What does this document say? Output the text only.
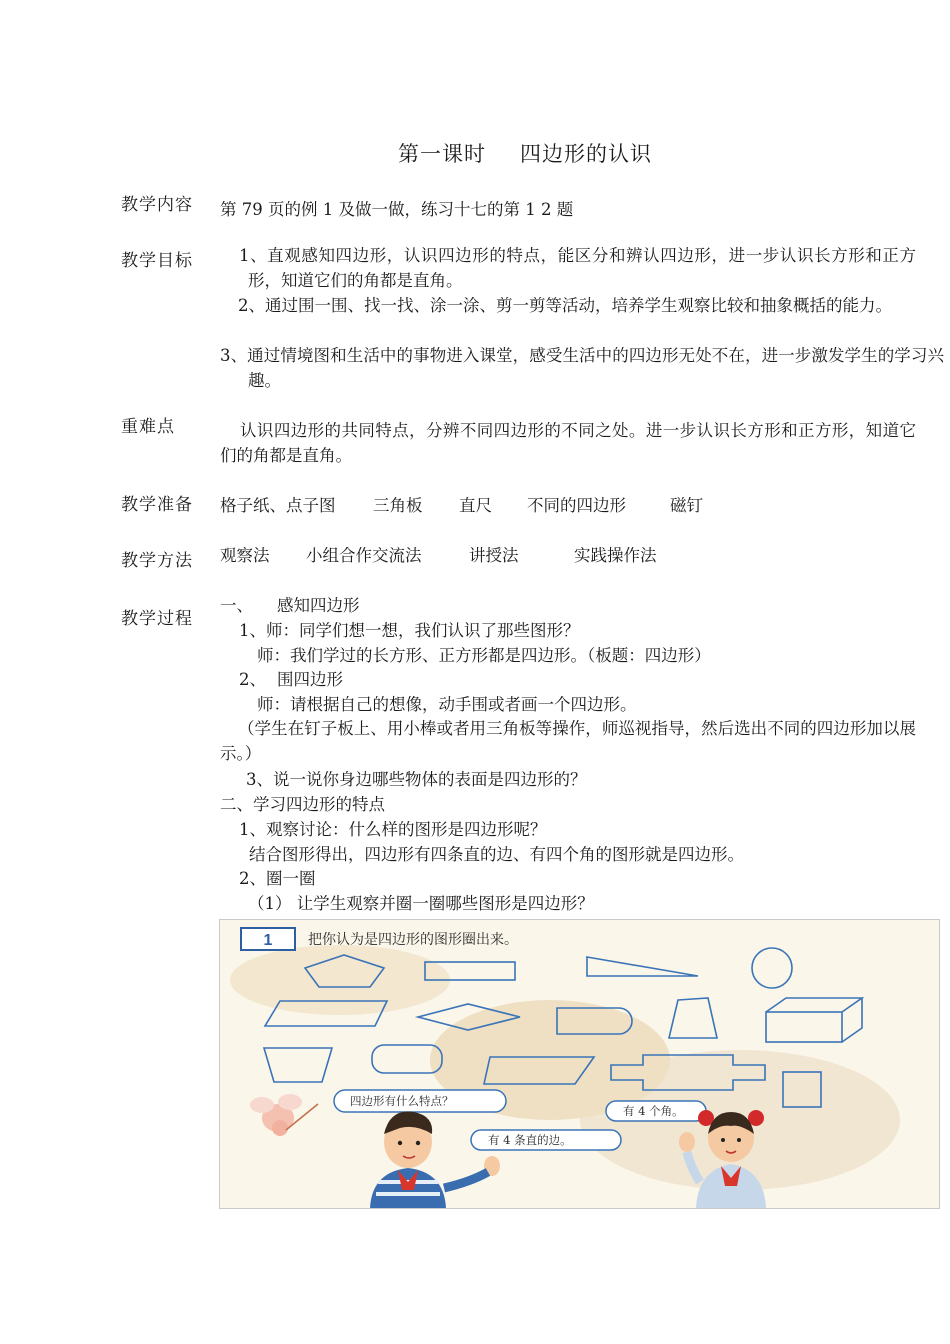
第一课时 四边形的认识
教学内容 第 79 页的例 1 及做一做，练习十七的第 1 2 题
教学目标	1、直观感知四边形，认识四边形的特点，能区分和辨认四边形，进一步认识长方形和正方形，知道它们的角都是直角。
2、通过围一围、找一找、涂一涂、剪一剪等活动，培养学生观察比较和抽象概括的能力。
3、通过情境图和生活中的事物进入课堂，感受生活中的四边形无处不在，进一步激发学生的学习兴趣。
重难点	认识四边形的共同特点，分辨不同四边形的不同之处。进一步认识长方形和正方形，知道它们的角都是直角。
教学准备 格子纸、点子图 三角板 直尺 不同的四边形	磁钉
教学方法 观察法 小组合作交流法	讲授法	实践操作法
教学过程
一、 感知四边形
1、师：同学们想一想，我们认识了那些图形？
师：我们学过的长方形、正方形都是四边形。（板题：四边形）
2、 围四边形
师：请根据自己的想像，动手围或者画一个四边形。
（学生在钉子板上、用小棒或者用三角板等操作，师巡视指导，然后选出不同的四边形加以展示。）
3、说一说你身边哪些物体的表面是四边形的？
二、学习四边形的特点
1、观察讨论：什么样的图形是四边形呢？
结合图形得出，四边形有四条直的边、有四个角的图形就是四边形。
2、圈一圈
（1） 让学生观察并圈一圈哪些图形是四边形？
1	把你认为是四边形的图形圈出来。
四边形有什么特点？
有 4 条直的边。
有 4 个角。
